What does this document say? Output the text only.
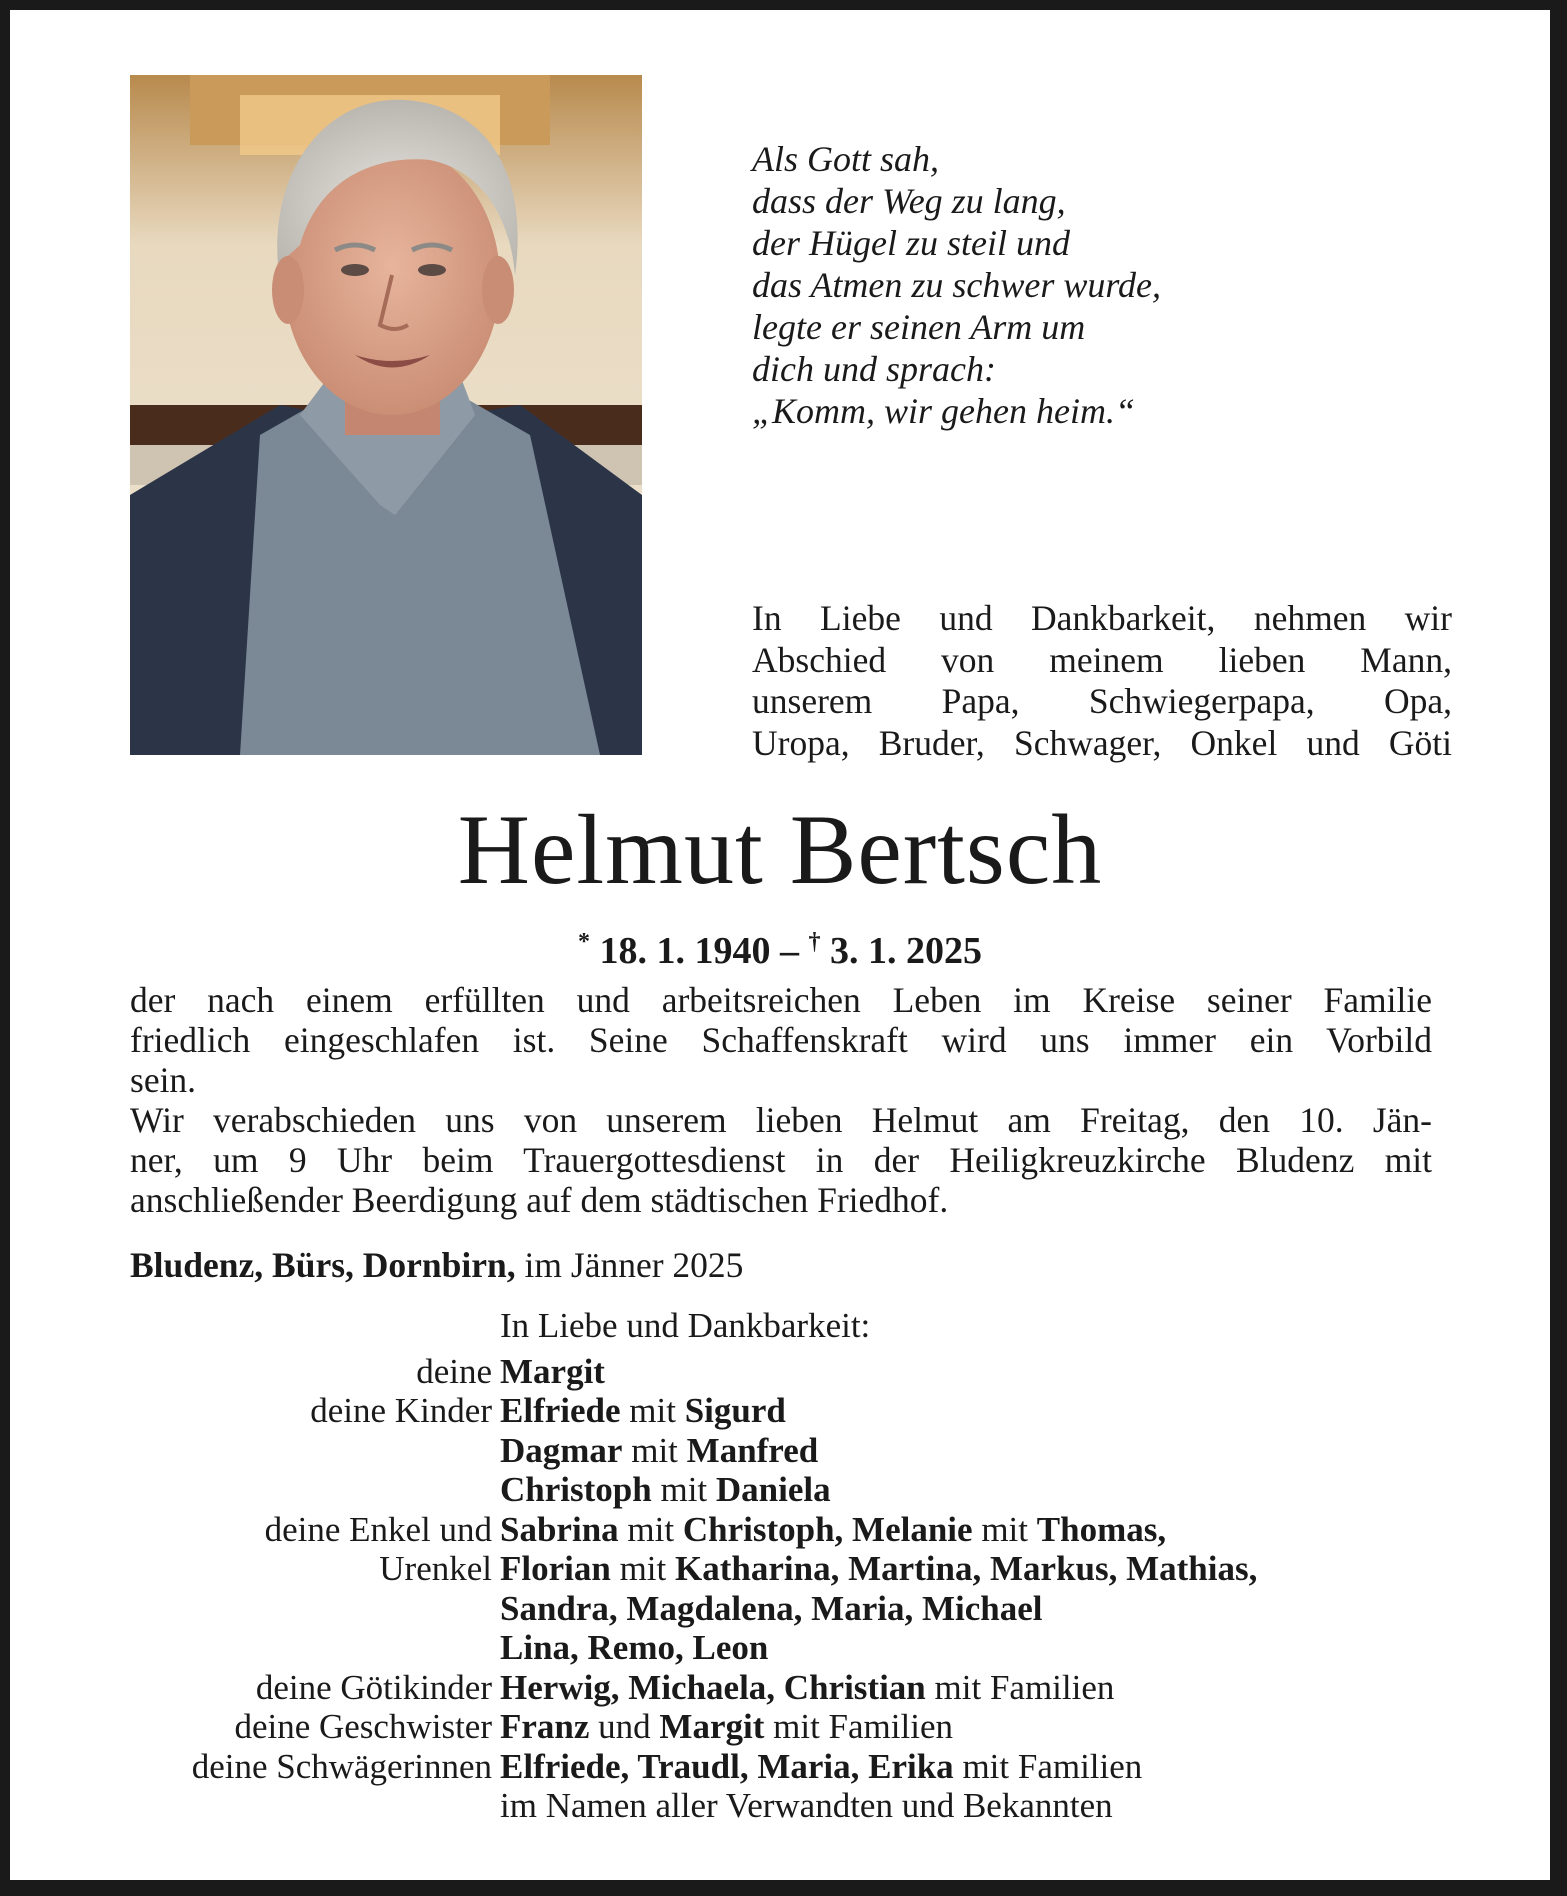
Als Gott sah,
dass der Weg zu lang,
der Hügel zu steil und
das Atmen zu schwer wurde,
legte er seinen Arm um
dich und sprach:
„Komm, wir gehen heim.“
In Liebe und Dankbarkeit, nehmen wir
Abschied von meinem lieben Mann,
unserem Papa, Schwiegerpapa, Opa,
Uropa, Bruder, Schwager, Onkel und Göti
Helmut Bertsch
* 18. 1. 1940 – † 3. 1. 2025
der nach einem erfüllten und arbeitsreichen Leben im Kreise seiner Familie
friedlich eingeschlafen ist. Seine Schaffenskraft wird uns immer ein Vorbild
sein.
Wir verabschieden uns von unserem lieben Helmut am Freitag, den 10. Jän-
ner, um 9 Uhr beim Trauergottesdienst in der Heiligkreuzkirche Bludenz mit
anschließender Beerdigung auf dem städtischen Friedhof.
Bludenz, Bürs, Dornbirn, im Jänner 2025
In Liebe und Dankbarkeit:
deine Margit
deine Kinder Elfriede mit Sigurd
Dagmar mit Manfred
Christoph mit Daniela
deine Enkel und Sabrina mit Christoph, Melanie mit Thomas,
Urenkel Florian mit Katharina, Martina, Markus, Mathias,
Sandra, Magdalena, Maria, Michael
Lina, Remo, Leon
deine Götikinder Herwig, Michaela, Christian mit Familien
deine Geschwister Franz und Margit mit Familien
deine Schwägerinnen Elfriede, Traudl, Maria, Erika mit Familien
im Namen aller Verwandten und Bekannten
